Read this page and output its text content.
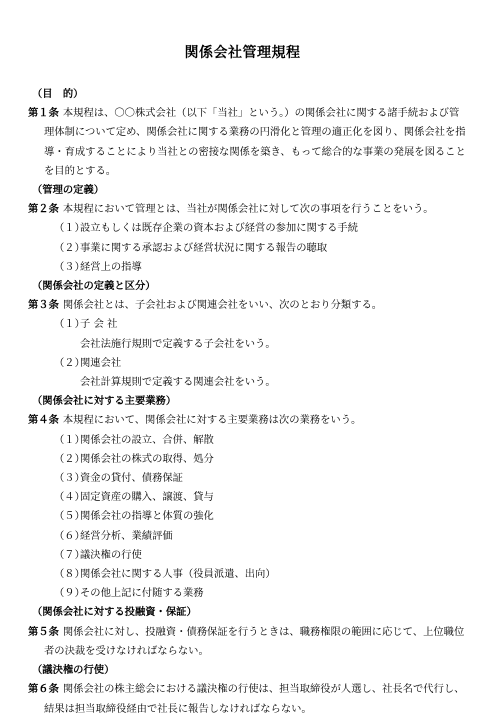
関係会社管理規程
（目　的）
第１条 本規程は、〇〇株式会社（以下「当社」という。）の関係会社に関する諸手続および管理体制について定め、関係会社に関する業務の円滑化と管理の適正化を図り、関係会社を指導・育成することにより当社との密接な関係を築き、もって総合的な事業の発展を図ることを目的とする。
（管理の定義）
第２条 本規程において管理とは、当社が関係会社に対して次の事項を行うことをいう。
（１）設立もしくは既存企業の資本および経営の参加に関する手続
（２）事業に関する承認および経営状況に関する報告の聴取
（３）経営上の指導
（関係会社の定義と区分）
第３条 関係会社とは、子会社および関連会社をいい、次のとおり分類する。
（１）子 会 社
会社法施行規則で定義する子会社をいう。
（２）関連会社
会社計算規則で定義する関連会社をいう。
（関係会社に対する主要業務）
第４条 本規程において、関係会社に対する主要業務は次の業務をいう。
（１）関係会社の設立、合併、解散
（２）関係会社の株式の取得、処分
（３）資金の貸付、債務保証
（４）固定資産の購入、譲渡、貸与
（５）関係会社の指導と体質の強化
（６）経営分析、業績評価
（７）議決権の行使
（８）関係会社に関する人事（役員派遣、出向）
（９）その他上記に付随する業務
（関係会社に対する投融資・保証）
第５条 関係会社に対し、投融資・債務保証を行うときは、職務権限の範囲に応じて、上位職位者の決裁を受けなければならない。
（議決権の行使）
第６条 関係会社の株主総会における議決権の行使は、担当取締役が人選し、社長名で代行し、結果は担当取締役経由で社長に報告しなければならない。
